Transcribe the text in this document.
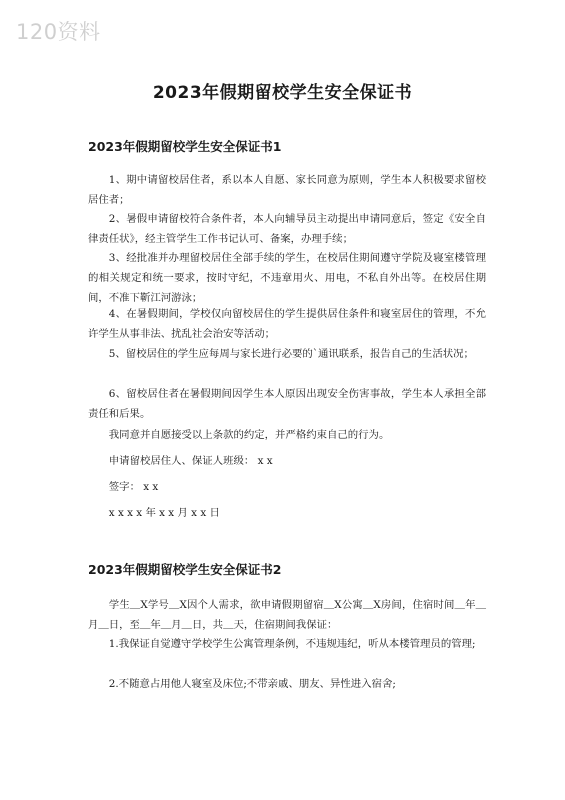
120资料
2023年假期留校学生安全保证书
2023年假期留校学生安全保证书1
1、期中请留校居住者，系以本人自愿、家长同意为原则，学生本人积极要求留校居住者；
2、暑假申请留校符合条件者，本人向辅导员主动提出申请同意后，签定《安全自律责任状》，经主管学生工作书记认可、备案，办理手续；
3、经批准并办理留校居住全部手续的学生，在校居住期间遵守学院及寝室楼管理的相关规定和统一要求，按时守纪，不违章用火、用电，不私自外出等。在校居住期间，不准下靳江河游泳；
4、在暑假期间，学校仅向留校居住的学生提供居住条件和寝室居住的管理，不允许学生从事非法、扰乱社会治安等活动；
5、留校居住的学生应每周与家长进行必要的`通讯联系，报告自己的生活状况；
6、留校居住者在暑假期间因学生本人原因出现安全伤害事故，学生本人承担全部责任和后果。
我同意并自愿接受以上条款的约定，并严格约束自己的行为。
申请留校居住人、保证人班级： x x
签字： x x
x x x x 年 x x 月 x x 日
2023年假期留校学生安全保证书2
学生＿X学号＿X因个人需求，欲申请假期留宿＿X公寓＿X房间，住宿时间＿年＿月＿日，至＿年＿月＿日，共＿天，住宿期间我保证：
1.我保证自觉遵守学校学生公寓管理条例，不违规违纪，听从本楼管理员的管理;
2.不随意占用他人寝室及床位;不带亲戚、朋友、异性进入宿舍;
